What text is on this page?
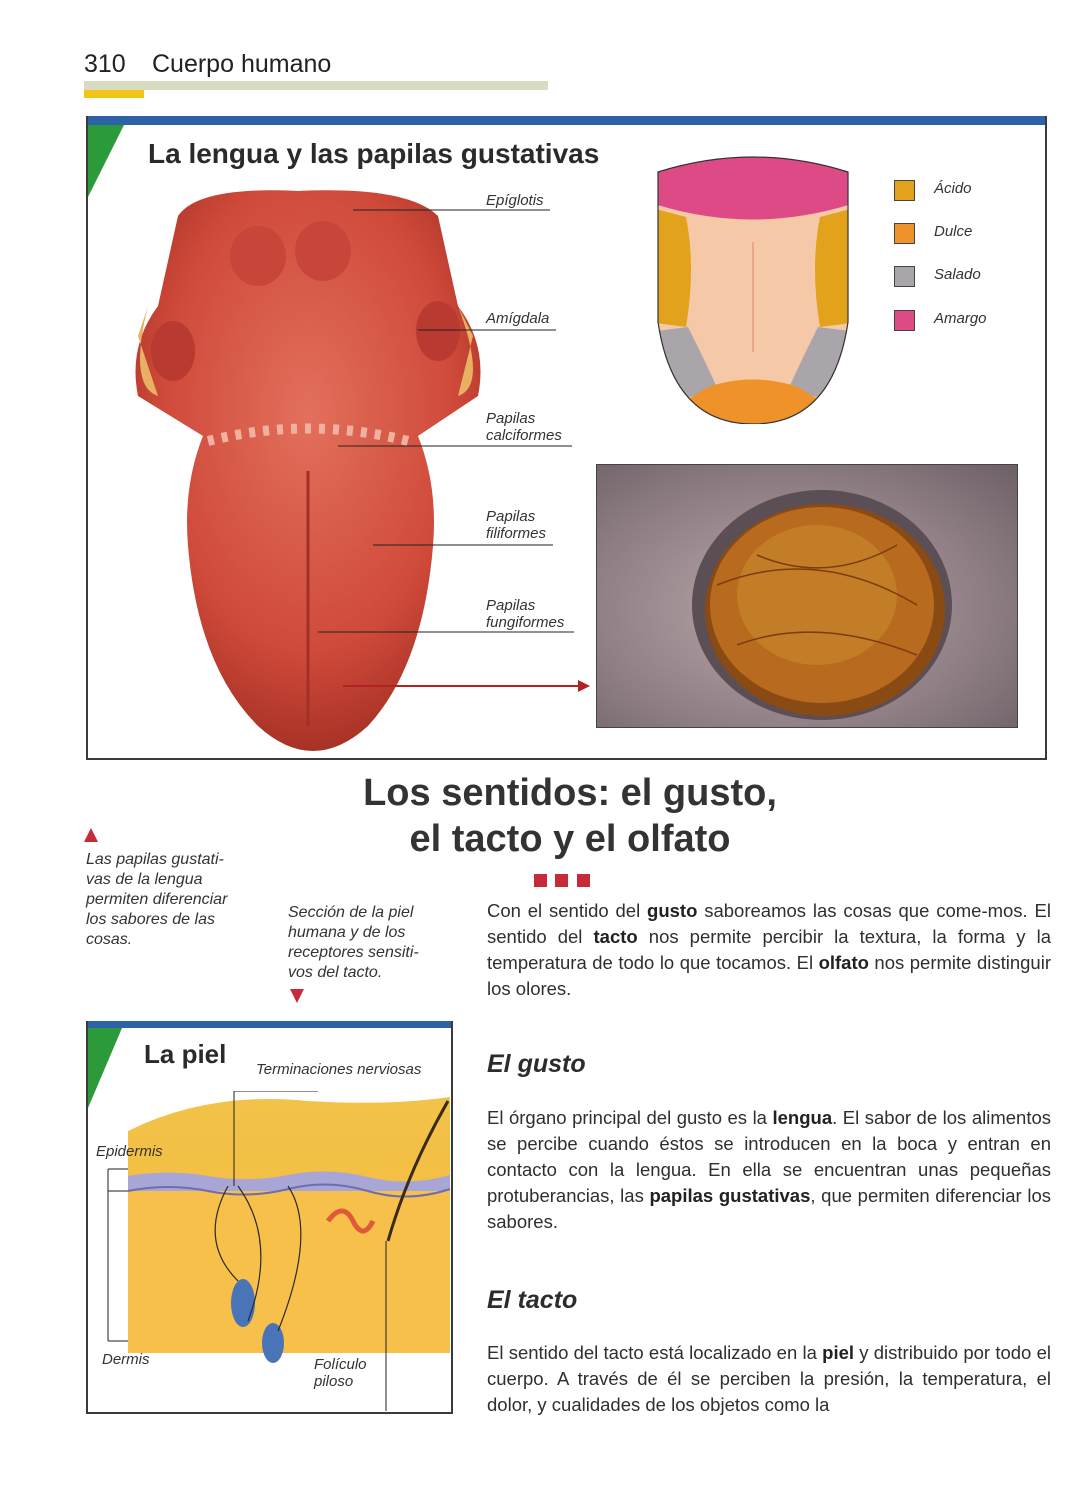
310 Cuerpo humano
La lengua y las papilas gustativas
Epíglotis
Amígdala
Papilas
calciformes
Papilas
filiformes
Papilas
fungiformes
Ácido
Dulce
Salado
Amargo
Los sentidos: el gusto,
el tacto y el olfato
Las papilas gustati-
vas de la lengua
permiten diferenciar
los sabores de las
cosas.
Sección de la piel
humana y de los
receptores sensiti-
vos del tacto.
Con el sentido del gusto saboreamos las cosas que come-mos. El sentido del tacto nos permite percibir la textura, la forma y la temperatura de todo lo que tocamos. El olfato nos permite distinguir los olores.
El gusto
El órgano principal del gusto es la lengua. El sabor de los alimentos se percibe cuando éstos se introducen en la boca y entran en contacto con la lengua. En ella se encuentran unas pequeñas protuberancias, las papilas gustativas, que permiten diferenciar los sabores.
El tacto
El sentido del tacto está localizado en la piel y distribuido por todo el cuerpo. A través de él se perciben la presión, la temperatura, el dolor, y cualidades de los objetos como la
La piel
Terminaciones nerviosas
Epidermis
Dermis	Folículo
piloso
